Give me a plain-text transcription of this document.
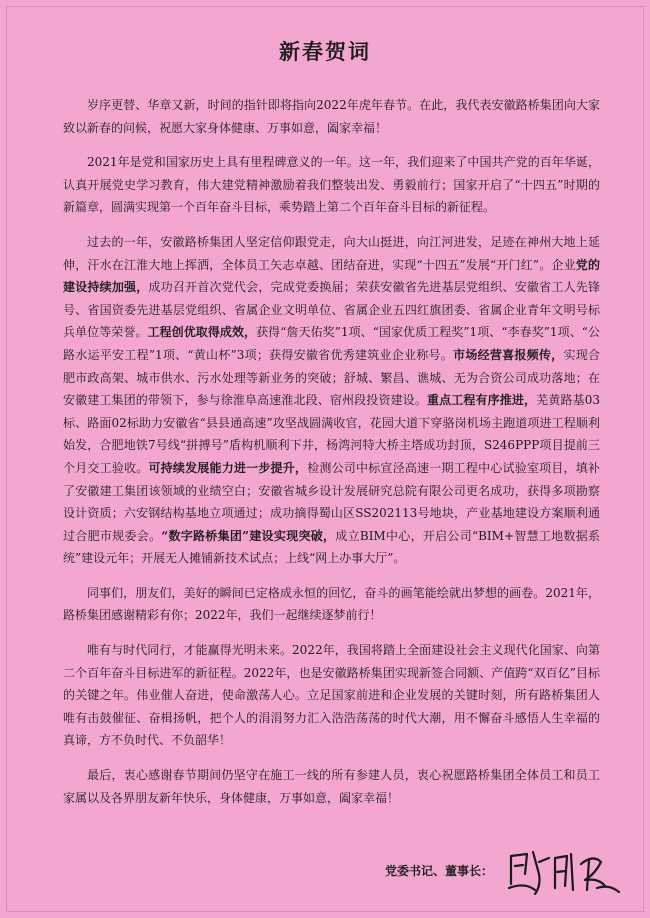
新春贺词

岁序更替、华章又新，时间的指针即将指向2022年虎年春节。在此，我代表安徽路桥集团向大家致以新春的问候，祝愿大家身体健康、万事如意，阖家幸福！

2021年是党和国家历史上具有里程碑意义的一年。这一年，我们迎来了中国共产党的百年华诞，认真开展党史学习教育，伟大建党精神激励着我们整装出发、勇毅前行；国家开启了“十四五”时期的新篇章，圆满实现第一个百年奋斗目标，乘势踏上第二个百年奋斗目标的新征程。

过去的一年，安徽路桥集团人坚定信仰跟党走，向大山挺进，向江河进发，足迹在神州大地上延伸，汗水在江淮大地上挥洒，全体员工矢志卓越、团结奋进，实现“十四五”发展“开门红”。企业党的建设持续加强，成功召开首次党代会，完成党委换届；荣获安徽省先进基层党组织、安徽省工人先锋号、省国资委先进基层党组织、省属企业文明单位、省属企业五四红旗团委、省属企业青年文明号标兵单位等荣誉。工程创优取得成效，获得“詹天佑奖”1项、“国家优质工程奖”1项、“李春奖”1项、“公路水运平安工程”1项、“黄山杯”3项；获得安徽省优秀建筑业企业称号。市场经营喜报频传，实现合肥市政高架、城市供水、污水处理等新业务的突破；舒城、繁昌、谯城、无为合资公司成功落地；在安徽建工集团的带领下，参与徐淮阜高速淮北段、宿州段投资建设。重点工程有序推进，芜黄路基03标、路面02标助力安徽省“县县通高速”攻坚战圆满收官，花园大道下穿骆岗机场主跑道项进工程顺利始发，合肥地铁7号线“拼搏号”盾构机顺利下井，杨湾河特大桥主塔成功封顶，S246PPP项目提前三个月交工验收。可持续发展能力进一步提升，检测公司中标宣泾高速一期工程中心试验室项目，填补了安徽建工集团该领域的业绩空白；安徽省城乡设计发展研究总院有限公司更名成功，获得多项勘察设计资质；六安钢结构基地立项通过；成功摘得蜀山区SS202113号地块，产业基地建设方案顺利通过合肥市规委会。“数字路桥集团”建设实现突破，成立BIM中心，开启公司“BIM+智慧工地数据系统”建设元年；开展无人摊铺新技术试点；上线“网上办事大厅”。

同事们，朋友们，美好的瞬间已定格成永恒的回忆，奋斗的画笔能绘就出梦想的画卷。2021年，路桥集团感谢精彩有你；2022年，我们一起继续逐梦前行！

唯有与时代同行，才能赢得光明未来。2022年，我国将踏上全面建设社会主义现代化国家、向第二个百年奋斗目标进军的新征程。2022年，也是安徽路桥集团实现新签合同额、产值跨“双百亿”目标的关键之年。伟业催人奋进，使命激荡人心。立足国家前进和企业发展的关键时刻，所有路桥集团人唯有击鼓催征、奋楫扬帆，把个人的涓涓努力汇入浩浩荡荡的时代大潮，用不懈奋斗感悟人生幸福的真谛，方不负时代、不负韶华！

最后，衷心感谢春节期间仍坚守在施工一线的所有参建人员，衷心祝愿路桥集团全体员工和员工家属以及各界朋友新年快乐，身体健康，万事如意，阖家幸福！

党委书记、董事长：
